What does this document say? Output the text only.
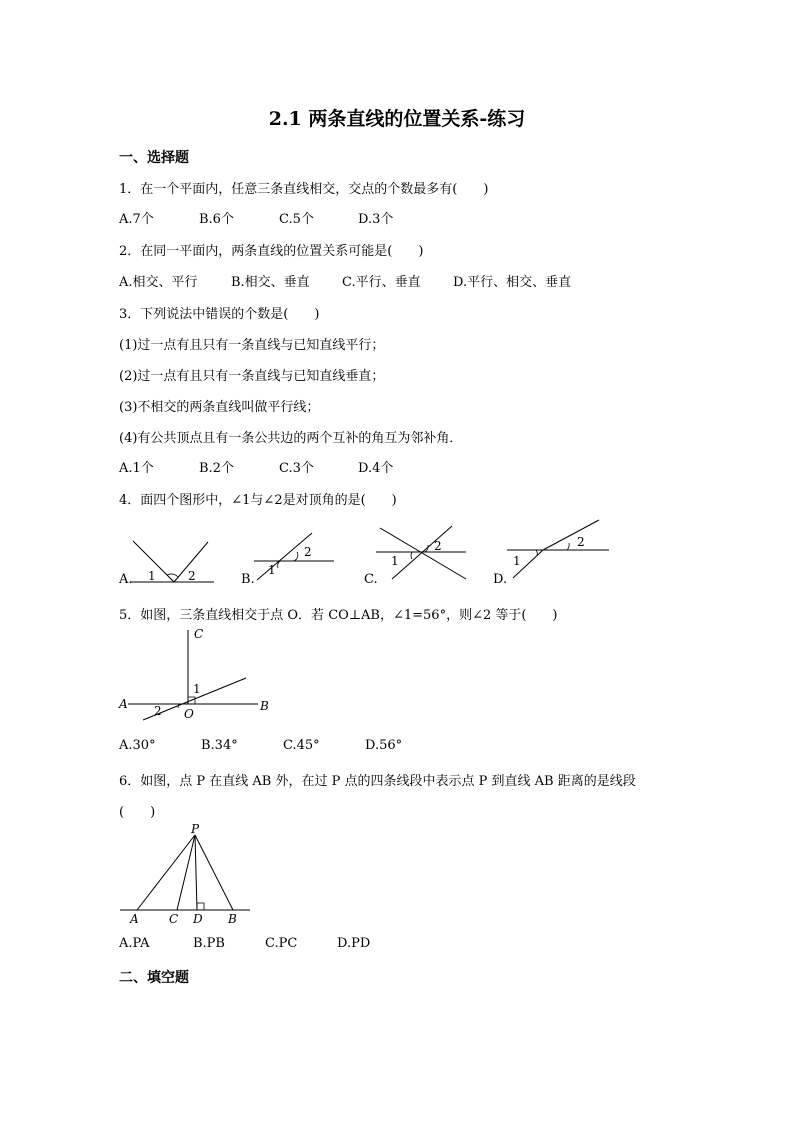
2.1 两条直线的位置关系-练习
一、选择题
1．在一个平面内，任意三条直线相交，交点的个数最多有(　　)
A.7个	B.6个	C.5个	D.3个
2．在同一平面内，两条直线的位置关系可能是(　　)
A.相交、平行	B.相交、垂直 C.平行、垂直 D.平行、相交、垂直
3．下列说法中错误的个数是(　　)
(1)过一点有且只有一条直线与已知直线平行；
(2)过一点有且只有一条直线与已知直线垂直；
(3)不相交的两条直线叫做平行线；
(4)有公共顶点且有一条公共边的两个互补的角互为邻补角．
A.1个	B.2个	C.3个	D.4个
4．面四个图形中，∠1与∠2是对顶角的是(　　)
A. 1	2	B.
1
2
C.
1
2
D.
1
2
5．如图，三条直线相交于点 O．若 CO⊥AB，∠1=56°，则∠2 等于(　　)
C
A	B
O
1
2
A.30°	B.34°	C.45°	D.56°
6．如图，点 P 在直线 AB 外，在过 P 点的四条线段中表示点 P 到直线 AB 距离的是线段
(　　)
P
A	C D B
A.PA	B.PB	C.PC	D.PD
二、填空题
